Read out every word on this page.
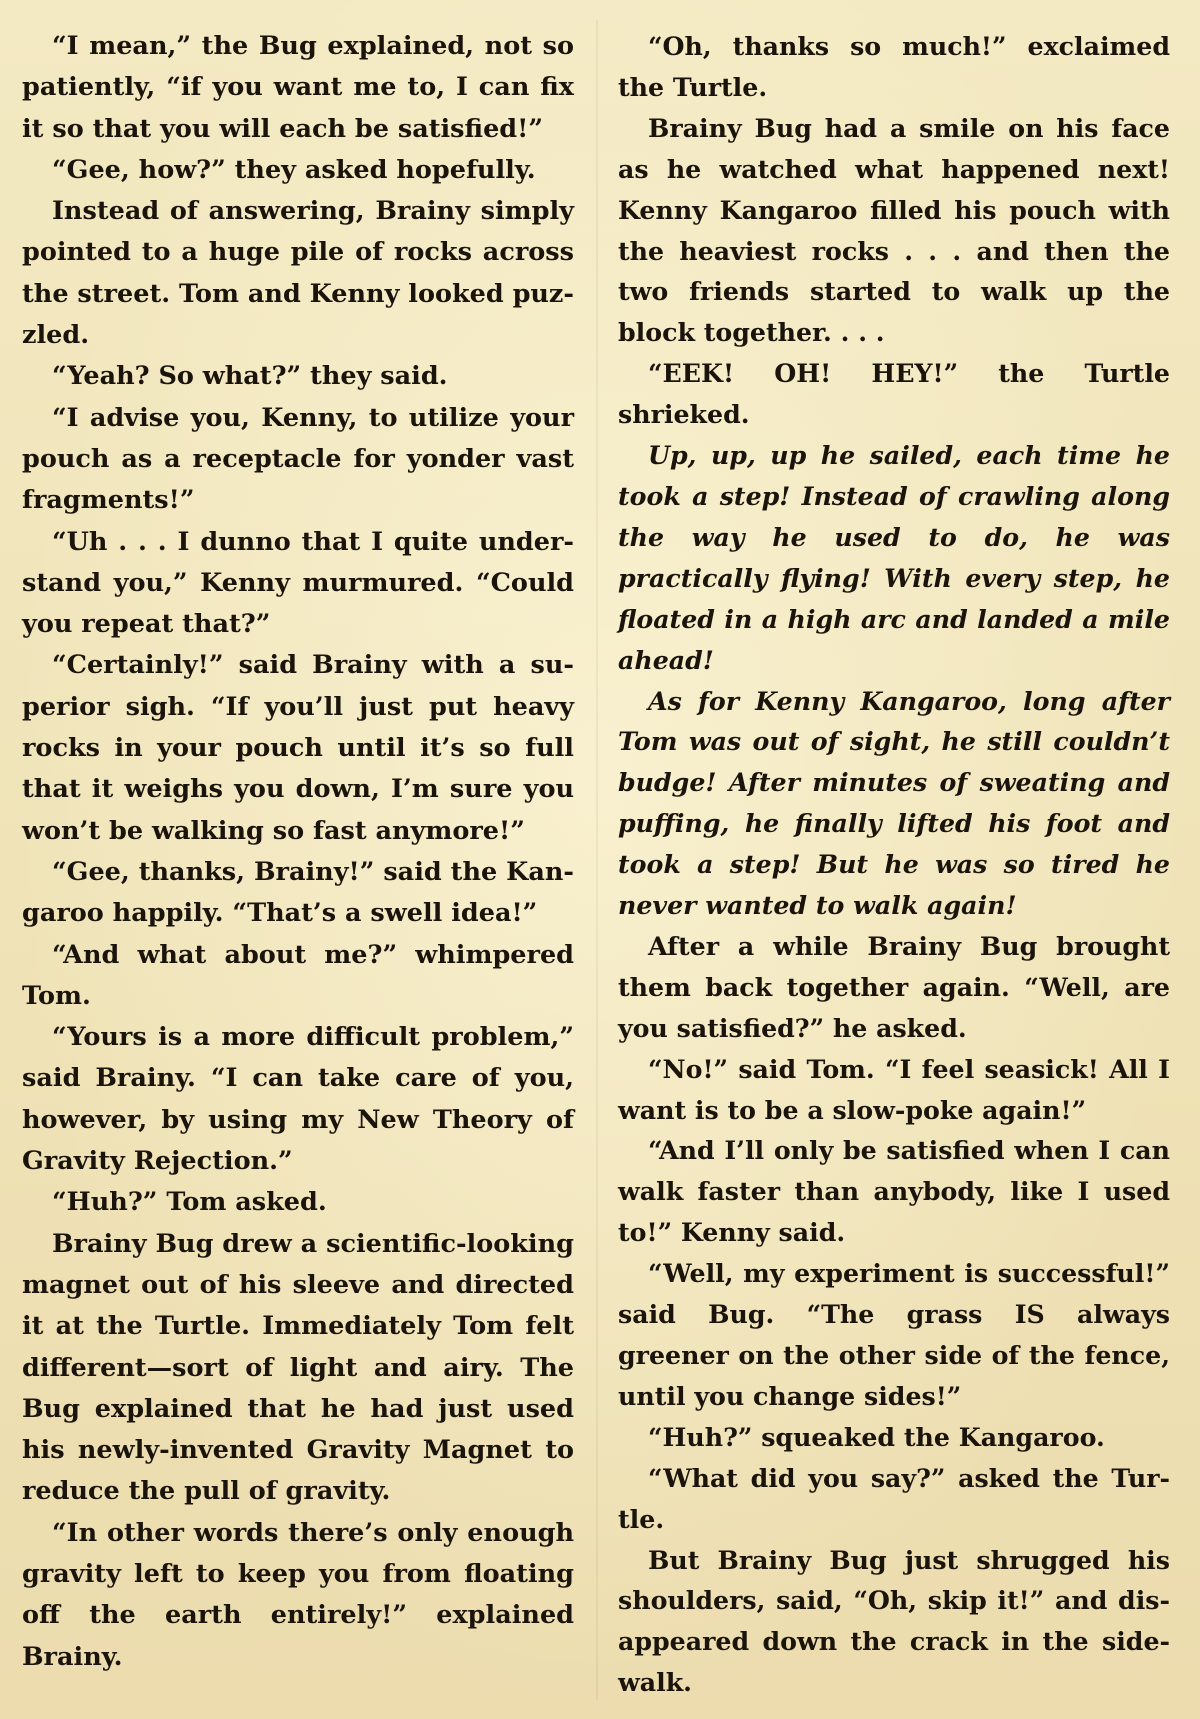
“I mean,” the Bug explained, not so patiently, “if you want me to, I can fix it so that you will each be satisfied!”

“Gee, how?” they asked hopefully.

Instead of answering, Brainy simply pointed to a huge pile of rocks across the street. Tom and Kenny looked puzzled.

“Yeah? So what?” they said.

“I advise you, Kenny, to utilize your pouch as a receptacle for yonder vast fragments!”

“Uh . . . I dunno that I quite understand you,” Kenny murmured. “Could you repeat that?”

“Certainly!” said Brainy with a superior sigh. “If you’ll just put heavy rocks in your pouch until it’s so full that it weighs you down, I’m sure you won’t be walking so fast anymore!”

“Gee, thanks, Brainy!” said the Kangaroo happily. “That’s a swell idea!”

“And what about me?” whimpered Tom.

“Yours is a more difficult problem,” said Brainy. “I can take care of you, however, by using my New Theory of Gravity Rejection.”

“Huh?” Tom asked.

Brainy Bug drew a scientific-looking magnet out of his sleeve and directed it at the Turtle. Immediately Tom felt different—sort of light and airy. The Bug explained that he had just used his newly-invented Gravity Magnet to reduce the pull of gravity.

“In other words there’s only enough gravity left to keep you from floating off the earth entirely!” explained Brainy.

“Oh, thanks so much!” exclaimed the Turtle.

Brainy Bug had a smile on his face as he watched what happened next! Kenny Kangaroo filled his pouch with the heaviest rocks . . . and then the two friends started to walk up the block together. . . .

“EEK! OH! HEY!” the Turtle shrieked.

Up, up, up he sailed, each time he took a step! Instead of crawling along the way he used to do, he was practically flying! With every step, he floated in a high arc and landed a mile ahead!

As for Kenny Kangaroo, long after Tom was out of sight, he still couldn’t budge! After minutes of sweating and puffing, he finally lifted his foot and took a step! But he was so tired he never wanted to walk again!

After a while Brainy Bug brought them back together again. “Well, are you satisfied?” he asked.

“No!” said Tom. “I feel seasick! All I want is to be a slow-poke again!”

“And I’ll only be satisfied when I can walk faster than anybody, like I used to!” Kenny said.

“Well, my experiment is successful!” said Bug. “The grass IS always greener on the other side of the fence, until you change sides!”

“Huh?” squeaked the Kangaroo.

“What did you say?” asked the Turtle.

But Brainy Bug just shrugged his shoulders, said, “Oh, skip it!” and disappeared down the crack in the sidewalk.
